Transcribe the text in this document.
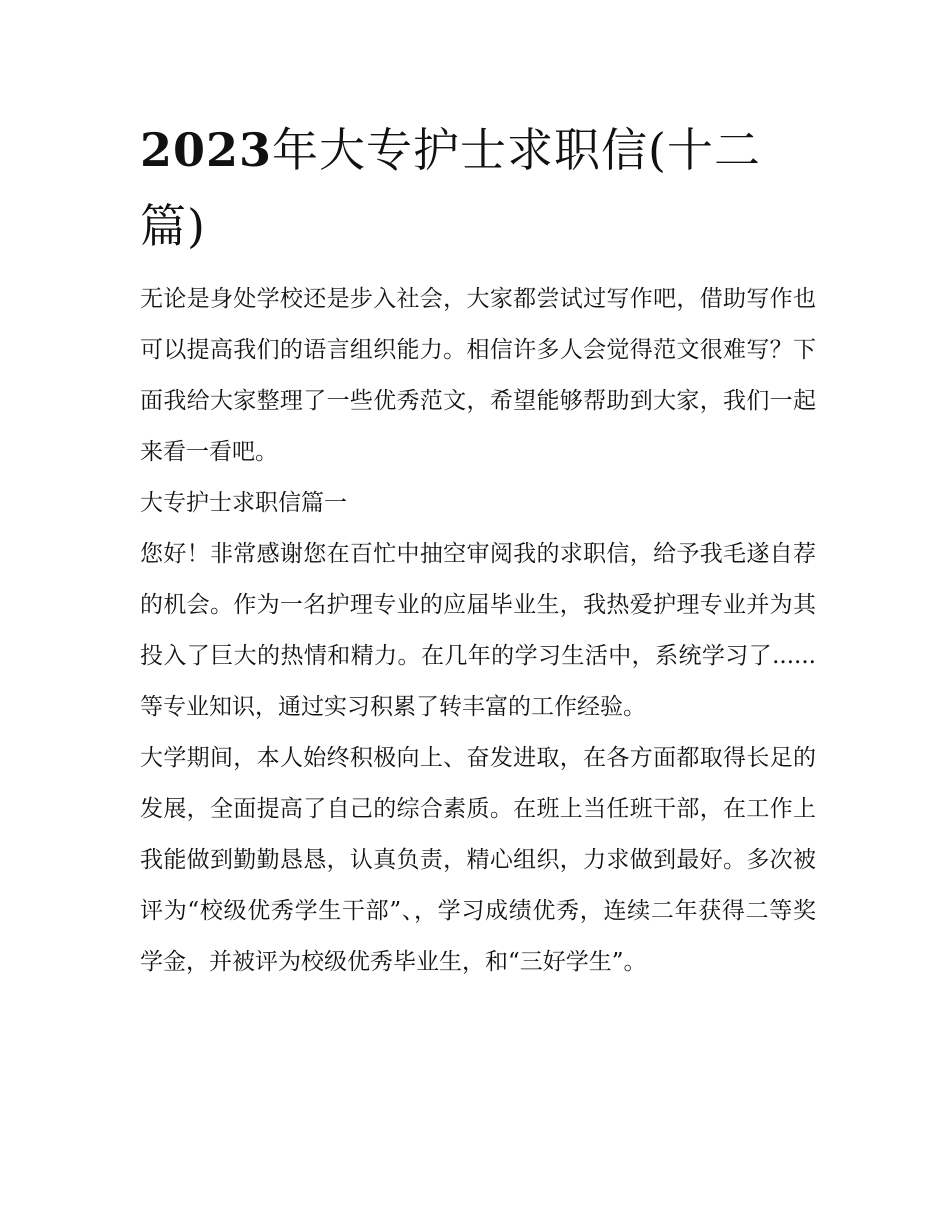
2023年大专护士求职信(十二篇)

无论是身处学校还是步入社会，大家都尝试过写作吧，借助写作也可以提高我们的语言组织能力。相信许多人会觉得范文很难写？下面我给大家整理了一些优秀范文，希望能够帮助到大家，我们一起来看一看吧。

大专护士求职信篇一

您好！非常感谢您在百忙中抽空审阅我的求职信，给予我毛遂自荐的机会。作为一名护理专业的应届毕业生，我热爱护理专业并为其投入了巨大的热情和精力。在几年的学习生活中，系统学习了......等专业知识，通过实习积累了转丰富的工作经验。

大学期间，本人始终积极向上、奋发进取，在各方面都取得长足的发展，全面提高了自己的综合素质。在班上当任班干部，在工作上我能做到勤勤恳恳，认真负责，精心组织，力求做到最好。多次被评为“校级优秀学生干部”、，学习成绩优秀，连续二年获得二等奖学金，并被评为校级优秀毕业生，和“三好学生”。
